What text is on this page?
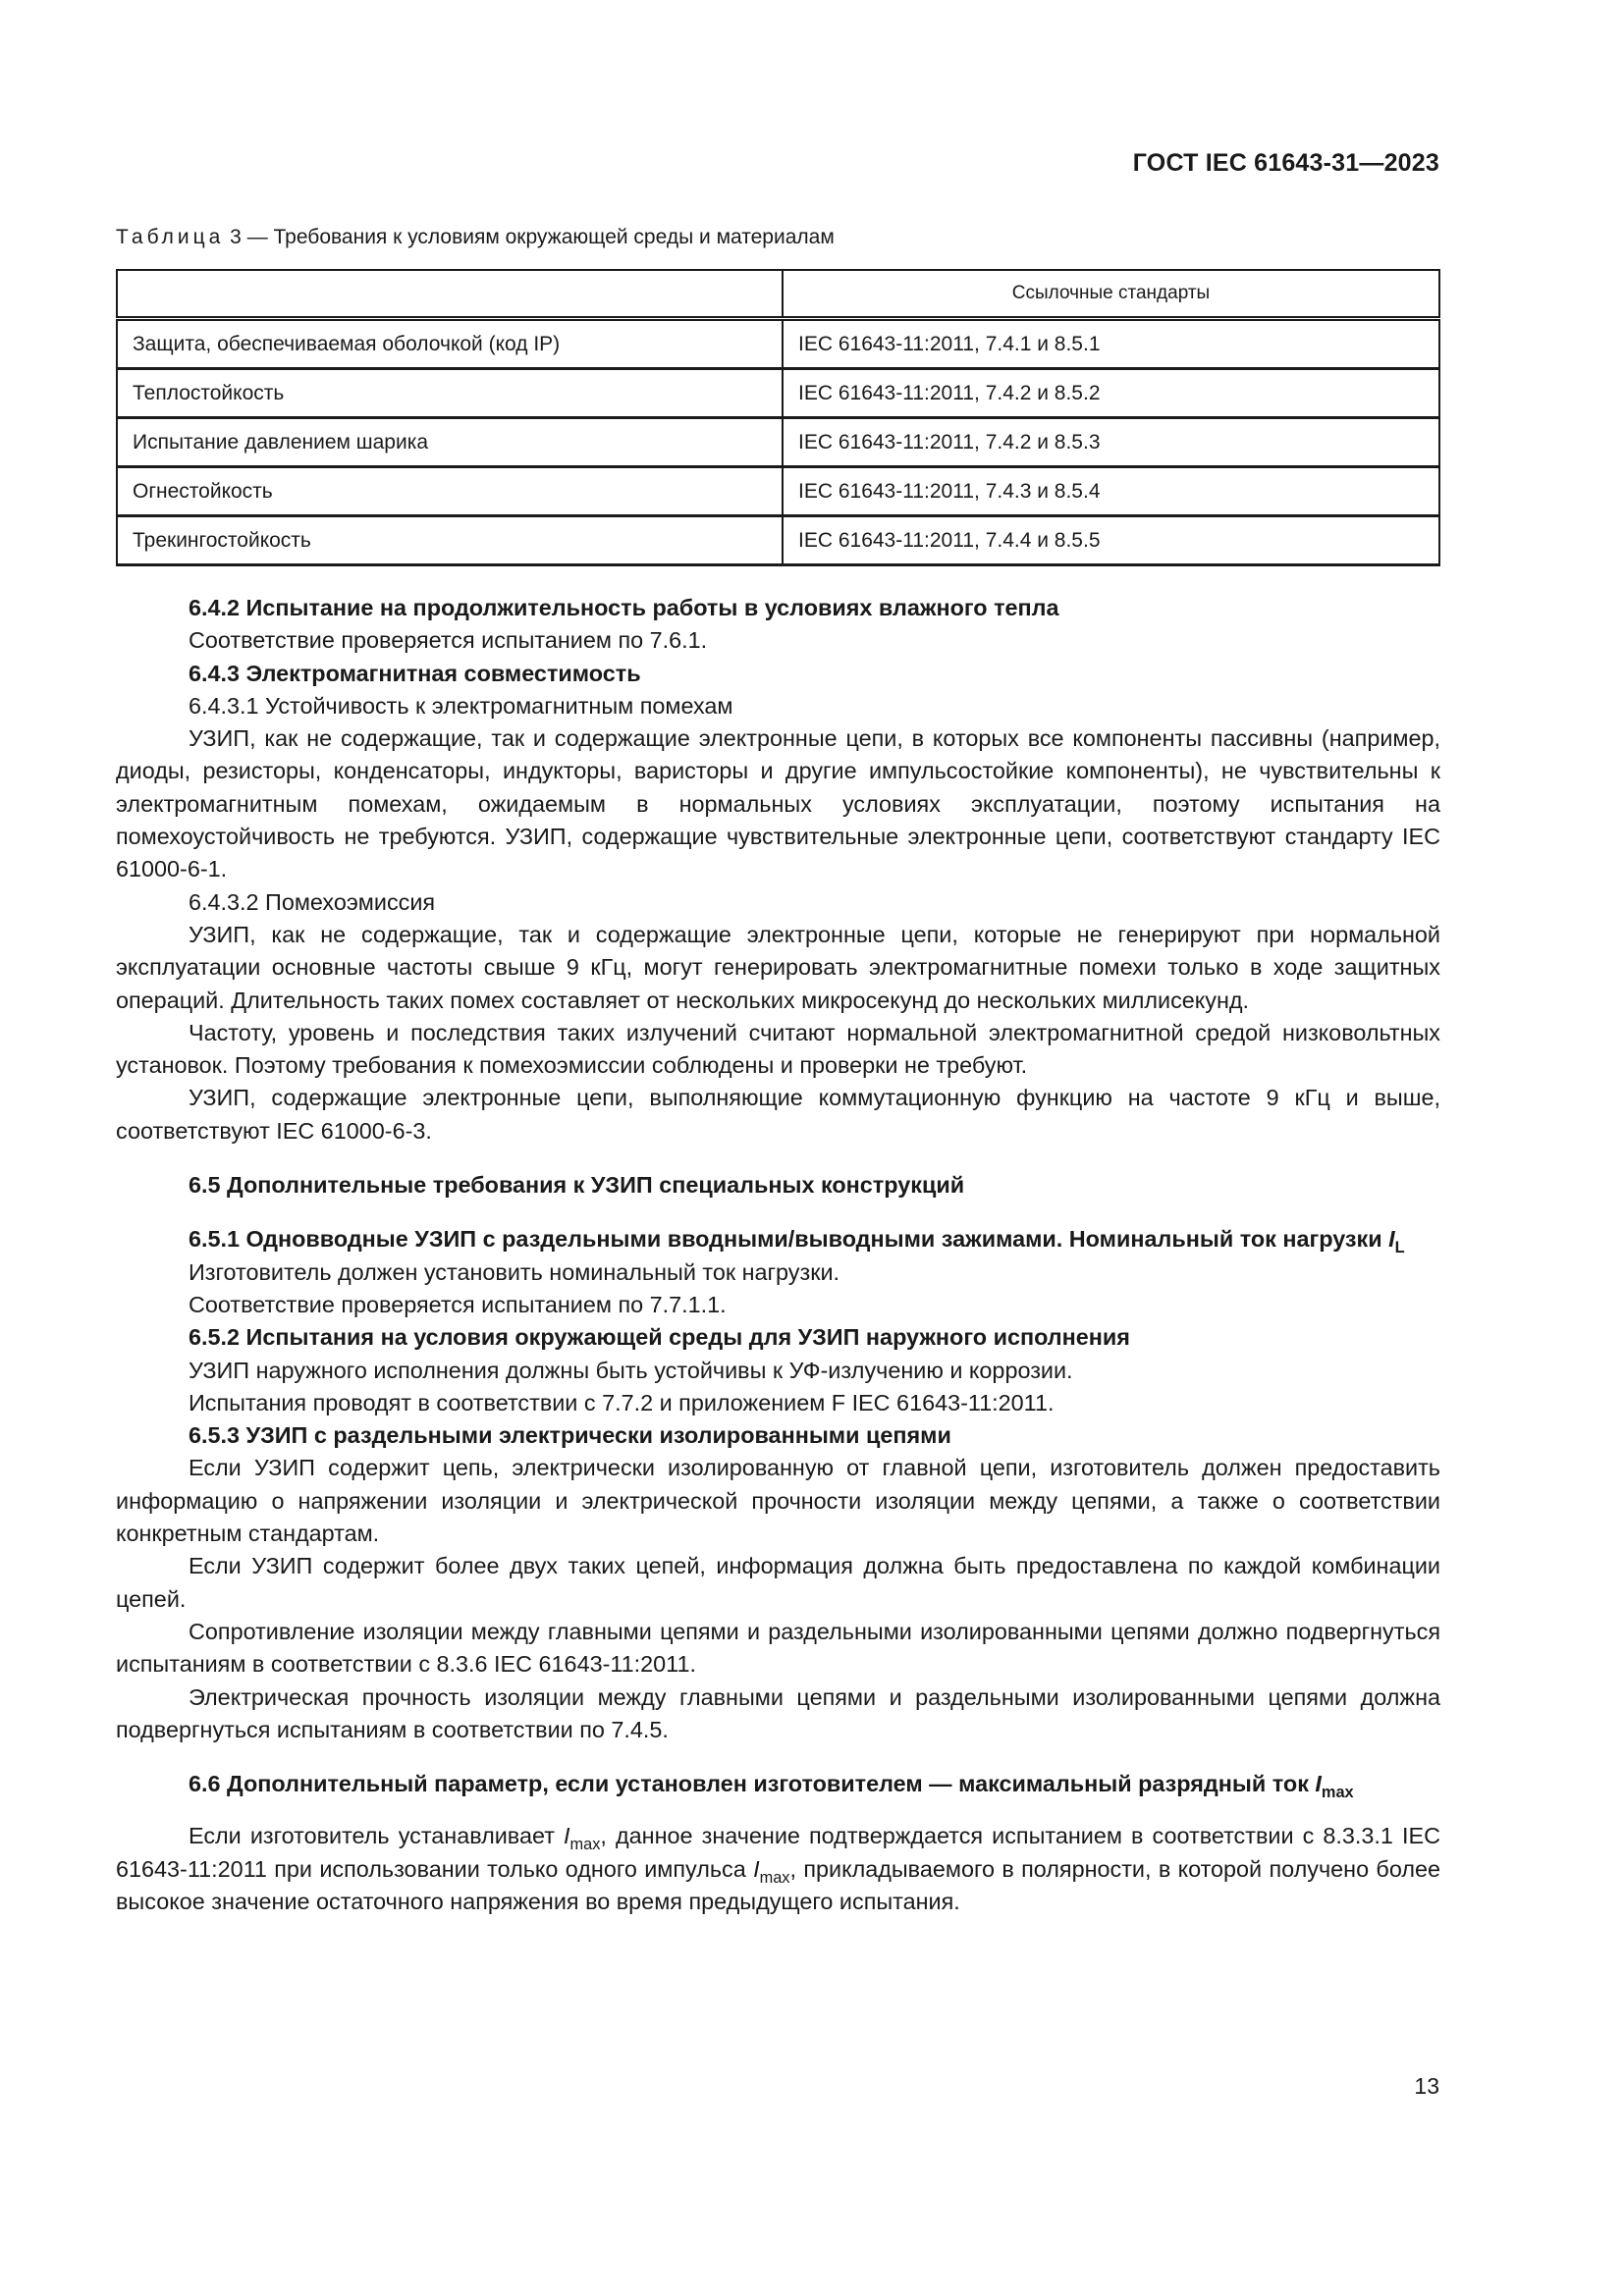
ГОСТ IEC 61643-31—2023
Таблица 3 — Требования к условиям окружающей среды и материалам
	Ссылочные стандарты
Защита, обеспечиваемая оболочкой (код IP)	IEC 61643-11:2011, 7.4.1 и 8.5.1
Теплостойкость	IEC 61643-11:2011, 7.4.2 и 8.5.2
Испытание давлением шарика	IEC 61643-11:2011, 7.4.2 и 8.5.3
Огнестойкость	IEC 61643-11:2011, 7.4.3 и 8.5.4
Трекингостойкость	IEC 61643-11:2011, 7.4.4 и 8.5.5

6.4.2 Испытание на продолжительность работы в условиях влажного тепла

Соответствие проверяется испытанием по 7.6.1.

6.4.3 Электромагнитная совместимость

6.4.3.1 Устойчивость к электромагнитным помехам

УЗИП, как не содержащие, так и содержащие электронные цепи, в которых все компоненты пассивны (например, диоды, резисторы, конденсаторы, индукторы, варисторы и другие импульсостойкие компоненты), не чувствительны к электромагнитным помехам, ожидаемым в нормальных условиях эксплуатации, поэтому испытания на помехоустойчивость не требуются. УЗИП, содержащие чувствительные электронные цепи, соответствуют стандарту IEC 61000-6-1.

6.4.3.2 Помехоэмиссия

УЗИП, как не содержащие, так и содержащие электронные цепи, которые не генерируют при нормальной эксплуатации основные частоты свыше 9 кГц, могут генерировать электромагнитные помехи только в ходе защитных операций. Длительность таких помех составляет от нескольких микросекунд до нескольких миллисекунд.

Частоту, уровень и последствия таких излучений считают нормальной электромагнитной средой низковольтных установок. Поэтому требования к помехоэмиссии соблюдены и проверки не требуют.

УЗИП, содержащие электронные цепи, выполняющие коммутационную функцию на частоте 9 кГц и выше, соответствуют IEC 61000-6-3.

6.5 Дополнительные требования к УЗИП специальных конструкций

6.5.1 Одновводные УЗИП с раздельными вводными/выводными зажимами. Номинальный ток нагрузки $I_L$

Изготовитель должен установить номинальный ток нагрузки.

Соответствие проверяется испытанием по 7.7.1.1.

6.5.2 Испытания на условия окружающей среды для УЗИП наружного исполнения

УЗИП наружного исполнения должны быть устойчивы к УФ-излучению и коррозии.

Испытания проводят в соответствии с 7.7.2 и приложением F IEC 61643-11:2011.

6.5.3 УЗИП с раздельными электрически изолированными цепями

Если УЗИП содержит цепь, электрически изолированную от главной цепи, изготовитель должен предоставить информацию о напряжении изоляции и электрической прочности изоляции между цепями, а также о соответствии конкретным стандартам.

Если УЗИП содержит более двух таких цепей, информация должна быть предоставлена по каждой комбинации цепей.

Сопротивление изоляции между главными цепями и раздельными изолированными цепями должно подвергнуться испытаниям в соответствии с 8.3.6 IEC 61643-11:2011.

Электрическая прочность изоляции между главными цепями и раздельными изолированными цепями должна подвергнуться испытаниям в соответствии по 7.4.5.

6.6 Дополнительный параметр, если установлен изготовителем — максимальный разрядный ток $I_{max}$

Если изготовитель устанавливает $I_{max}$, данное значение подтверждается испытанием в соответствии с 8.3.3.1 IEC 61643-11:2011 при использовании только одного импульса $I_{max}$, прикладываемого в полярности, в которой получено более высокое значение остаточного напряжения во время предыдущего испытания.

13
